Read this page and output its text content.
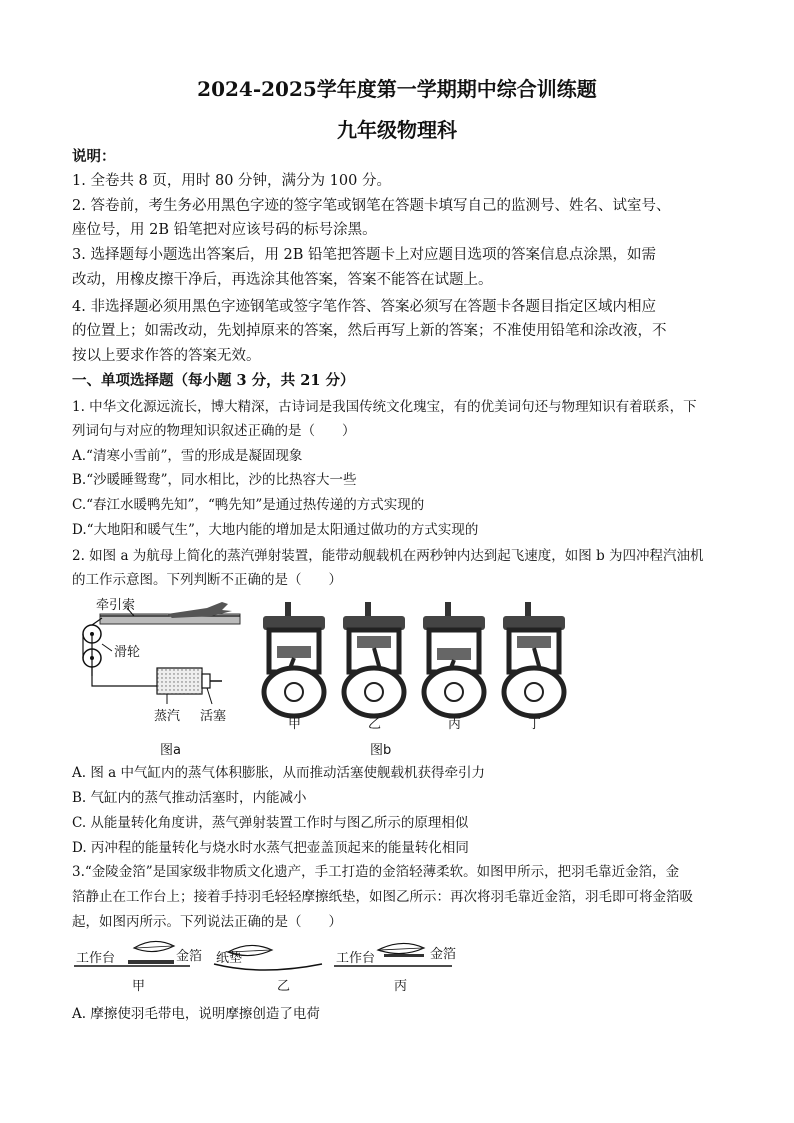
2024-2025学年度第一学期期中综合训练题
九年级物理科
说明：
1. 全卷共 8 页，用时 80 分钟，满分为 100 分。
2. 答卷前，考生务必用黑色字迹的签字笔或钢笔在答题卡填写自己的监测号、姓名、试室号、
座位号，用 2B 铅笔把对应该号码的标号涂黑。
3. 选择题每小题选出答案后，用 2B 铅笔把答题卡上对应题目选项的答案信息点涂黑，如需
改动，用橡皮擦干净后，再选涂其他答案，答案不能答在试题上。
4. 非选择题必须用黑色字迹钢笔或签字笔作答、答案必须写在答题卡各题目指定区域内相应
的位置上；如需改动，先划掉原来的答案，然后再写上新的答案；不准使用铅笔和涂改液，不
按以上要求作答的答案无效。
一、单项选择题（每小题 3 分，共 21 分）
1. 中华文化源远流长，博大精深，古诗词是我国传统文化瑰宝，有的优美词句还与物理知识有着联系，下
列词句与对应的物理知识叙述正确的是（　　）
A.“清寒小雪前”，雪的形成是凝固现象
B.“沙暖睡鸳鸯”，同水相比，沙的比热容大一些
C.“春江水暖鸭先知”，“鸭先知”是通过热传递的方式实现的
D.“大地阳和暖气生”，大地内能的增加是太阳通过做功的方式实现的
2. 如图 a 为航母上简化的蒸汽弹射装置，能带动舰载机在两秒钟内达到起飞速度，如图 b 为四冲程汽油机
的工作示意图。下列判断不正确的是（　　）
牵引索
滑轮
蒸汽 活塞
图a
甲	乙	丙	丁
图b
A. 图 a 中气缸内的蒸气体积膨胀，从而推动活塞使舰载机获得牵引力
B. 气缸内的蒸气推动活塞时，内能减小
C. 从能量转化角度讲，蒸气弹射装置工作时与图乙所示的原理相似
D. 丙冲程的能量转化与烧水时水蒸气把壶盖顶起来的能量转化相同
3.“金陵金箔”是国家级非物质文化遗产，手工打造的金箔轻薄柔软。如图甲所示，把羽毛靠近金箔，金
箔静止在工作台上；接着手持羽毛轻轻摩擦纸垫，如图乙所示：再次将羽毛靠近金箔，羽毛即可将金箔吸
起，如图丙所示。下列说法正确的是（　　）
工作台	金箔
甲
纸垫
乙
工作台	金箔
丙
A. 摩擦使羽毛带电，说明摩擦创造了电荷
